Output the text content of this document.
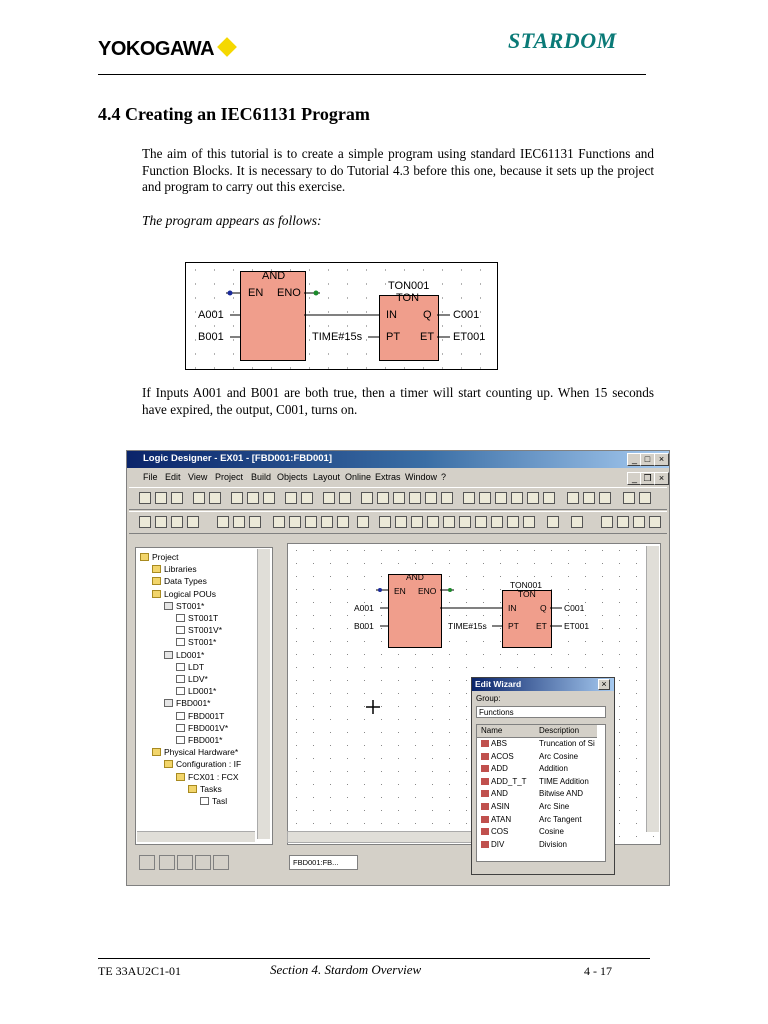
YOKOGAWA	STARDOM
4.4 Creating an IEC61131 Program
The aim of this tutorial is to create a simple program using standard IEC61131 Functions and Function Blocks. It is necessary to do Tutorial 4.3 before this one, because it sets up the project and program to carry out this exercise.
The program appears as follows:
AND
EN ENO
TON001
TON
IN Q
PT ET
A001
B001	TIME#15s
C001
ET001
If Inputs A001 and B001 are both true, then a timer will start counting up. When 15 seconds have expired, the output, C001, turns on.
Logic Designer - EX01 - [FBD001:FBD001]	_ □ ×
File Edit View Project Build Objects Layout Online Extras Window ?	_ ❐ ×
Project
Libraries
Data Types
Logical POUs
ST001*
ST001T
ST001V*
ST001*
LD001*
LDT
LDV*
LD001*
FBD001*
FBD001T
FBD001V*
FBD001*
Physical Hardware*
Configuration : IF
FCX01 : FCX
Tasks
Tasl
AND
EN ENO
TON001
TON
IN	Q
PT ET
A001
B001	TIME#15s
C001
ET001
FBD001:FB...
Edit Wizard	×
Group:
Functions
Name	Description
ABS	Truncation of Si
ACOS	Arc Cosine
ADD	Addition
ADD_T_T TIME Addition
AND	Bitwise AND
ASIN	Arc Sine
ATAN	Arc Tangent
COS	Cosine
DIV	Division
TE 33AU2C1-01	Section 4. Stardom Overview	4 - 17
